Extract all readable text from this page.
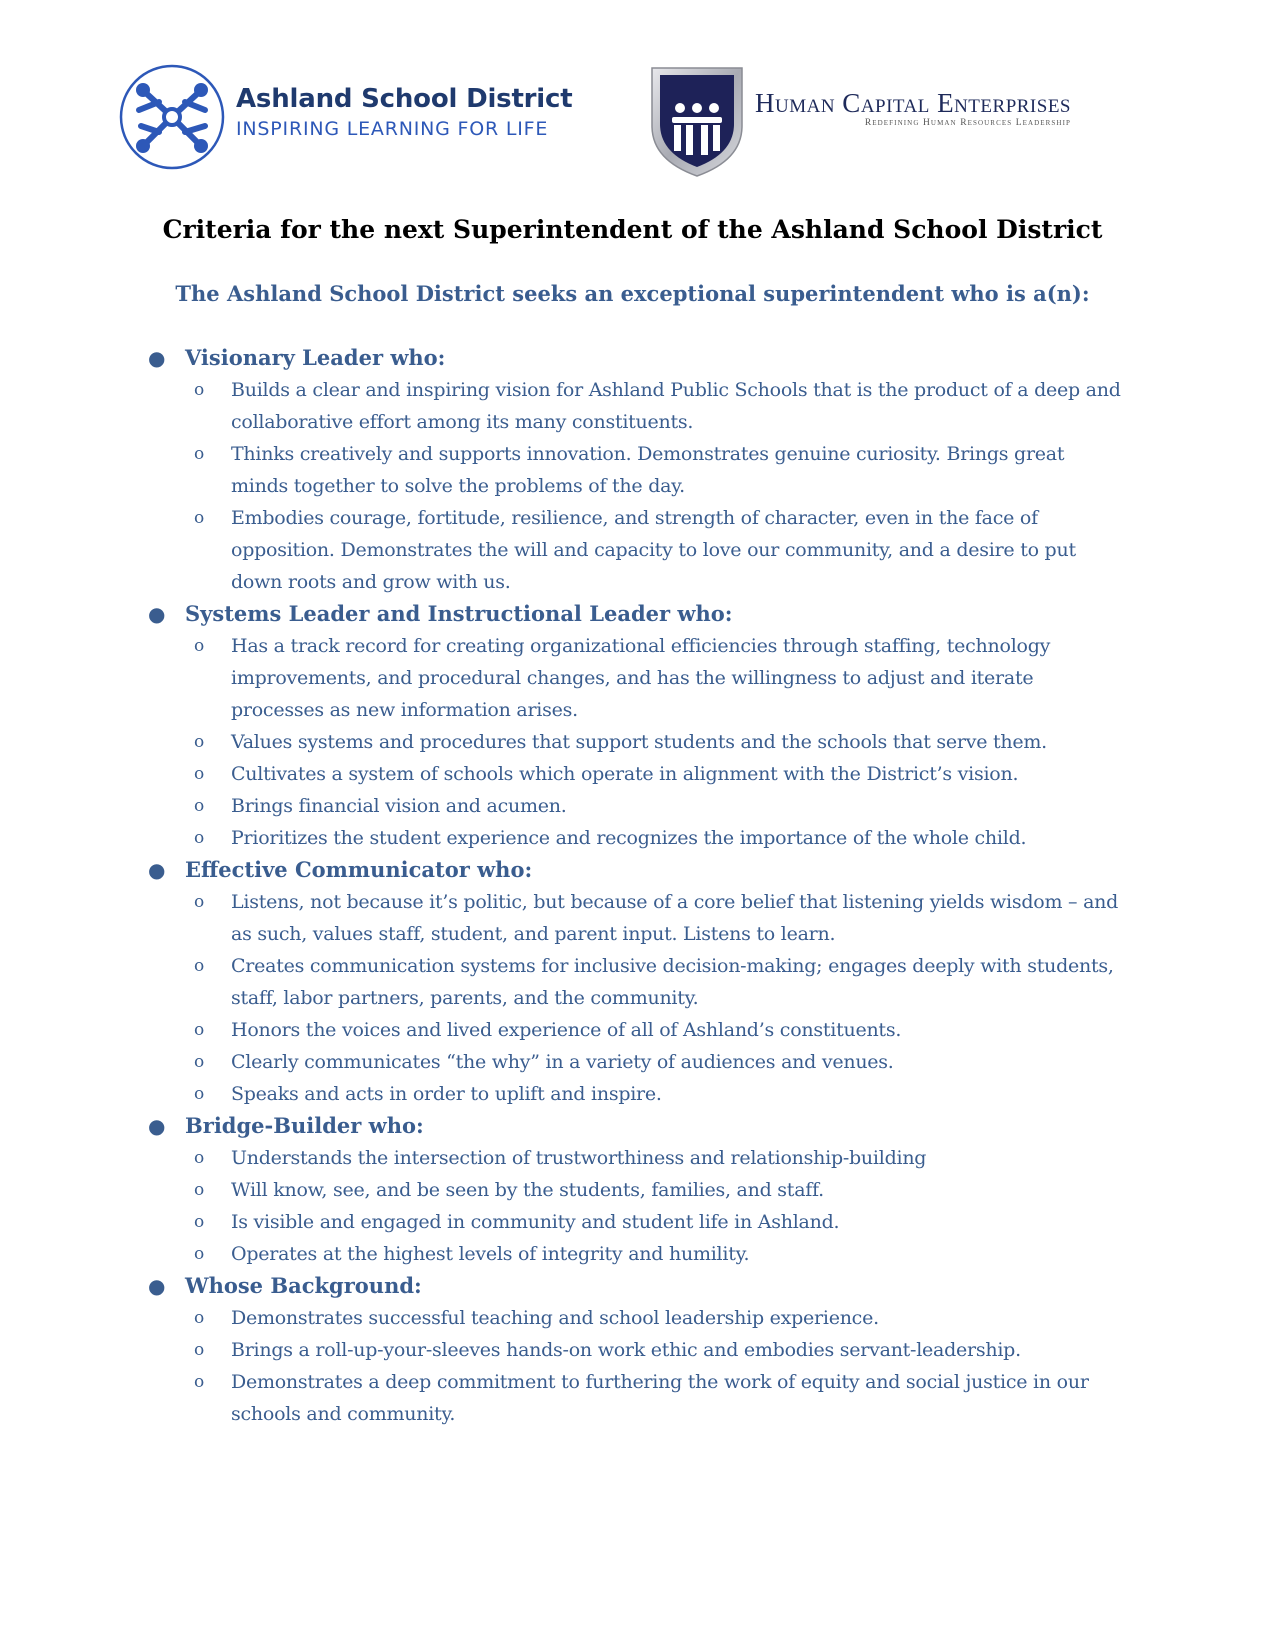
Ashland School District
INSPIRING LEARNING FOR LIFE
Human Capital Enterprises
Redefining Human Resources Leadership
Criteria for the next Superintendent of the Ashland School District
The Ashland School District seeks an exceptional superintendent who is a(n):
● Visionary Leader who:
o Builds a clear and inspiring vision for Ashland Public Schools that is the product of a deep and collaborative effort among its many constituents.
o Thinks creatively and supports innovation. Demonstrates genuine curiosity. Brings great minds together to solve the problems of the day.
o Embodies courage, fortitude, resilience, and strength of character, even in the face of opposition. Demonstrates the will and capacity to love our community, and a desire to put down roots and grow with us.
● Systems Leader and Instructional Leader who:
o Has a track record for creating organizational efficiencies through staffing, technology improvements, and procedural changes, and has the willingness to adjust and iterate processes as new information arises.
o Values systems and procedures that support students and the schools that serve them.
o Cultivates a system of schools which operate in alignment with the District’s vision.
o Brings financial vision and acumen.
o Prioritizes the student experience and recognizes the importance of the whole child.
● Effective Communicator who:
o Listens, not because it’s politic, but because of a core belief that listening yields wisdom – and as such, values staff, student, and parent input. Listens to learn.
o Creates communication systems for inclusive decision-making; engages deeply with students, staff, labor partners, parents, and the community.
o Honors the voices and lived experience of all of Ashland’s constituents.
o Clearly communicates “the why” in a variety of audiences and venues.
o Speaks and acts in order to uplift and inspire.
● Bridge-Builder who:
o Understands the intersection of trustworthiness and relationship-building
o Will know, see, and be seen by the students, families, and staff.
o Is visible and engaged in community and student life in Ashland.
o Operates at the highest levels of integrity and humility.
● Whose Background:
o Demonstrates successful teaching and school leadership experience.
o Brings a roll-up-your-sleeves hands-on work ethic and embodies servant-leadership.
o Demonstrates a deep commitment to furthering the work of equity and social justice in our schools and community.
